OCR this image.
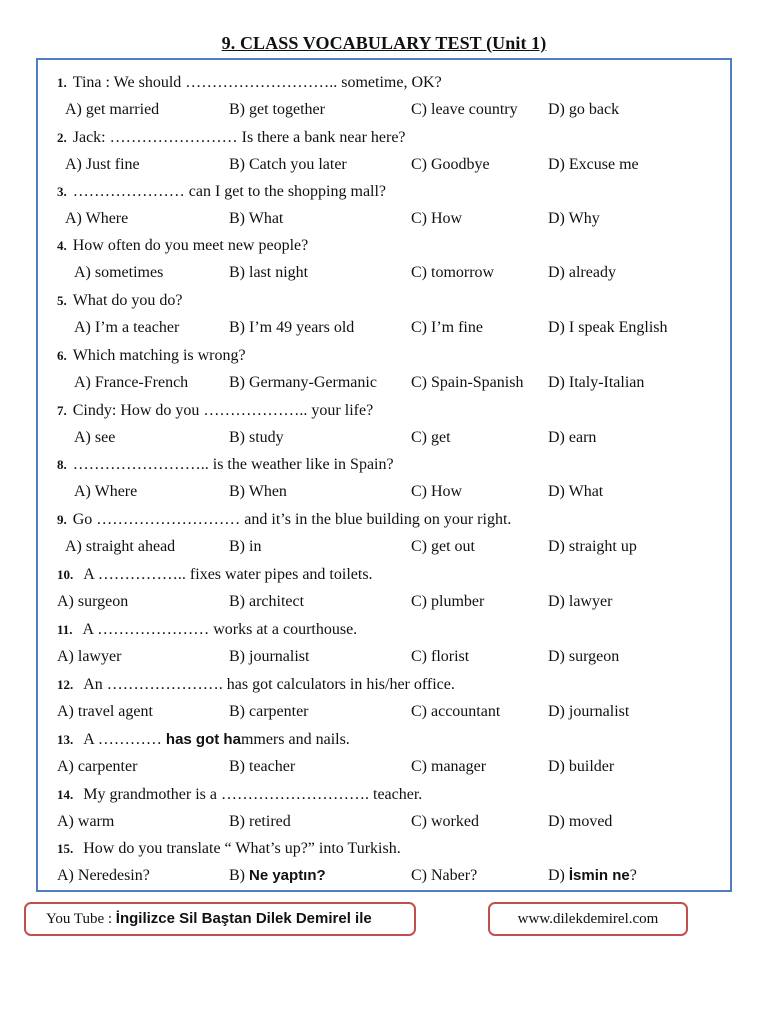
9. CLASS VOCABULARY TEST (Unit 1)
1. Tina : We should ……………………….. sometime, OK?
A) get married	B) get together	C) leave country D) go back
2. Jack: …………………… Is there a bank near here?
A) Just fine	B) Catch you later	C) Goodbye	D) Excuse me
3. ………………… can I get to the shopping mall?
A) Where	B) What	C) How	D) Why
4. How often do you meet new people?
A) sometimes	B) last night	C) tomorrow	D) already
5. What do you do?
A) I’m a teacher	B) I’m 49 years old	C) I’m fine	D) I speak English
6. Which matching is wrong?
A) France-French	B) Germany-Germanic C) Spain-Spanish D) Italy-Italian
7. Cindy: How do you ……………….. your life?
A) see	B) study	C) get	D) earn
8. …………………….. is the weather like in Spain?
A) Where	B) When	C) How	D) What
9. Go ……………………… and it’s in the blue building on your right.
A) straight ahead	B) in	C) get out	D) straight up
10. A …………….. fixes water pipes and toilets.
A) surgeon	B) architect	C) plumber	D) lawyer
11. A ………………… works at a courthouse.
A) lawyer	B) journalist	C) florist	D) surgeon
12. An …………………. has got calculators in his/her office.
A) travel agent	B) carpenter	C) accountant	D) journalist
13. A ………… has got hammers and nails.
A) carpenter	B) teacher	C) manager	D) builder
14. My grandmother is a ………………………. teacher.
A) warm	B) retired	C) worked	D) moved
15. How do you translate “ What’s up?” into Turkish.
A) Neredesin?	B) Ne yaptın?	C) Naber?	D) İsmin ne?
You Tube : İngilizce Sil Baştan Dilek Demirel ile	www.dilekdemirel.com
